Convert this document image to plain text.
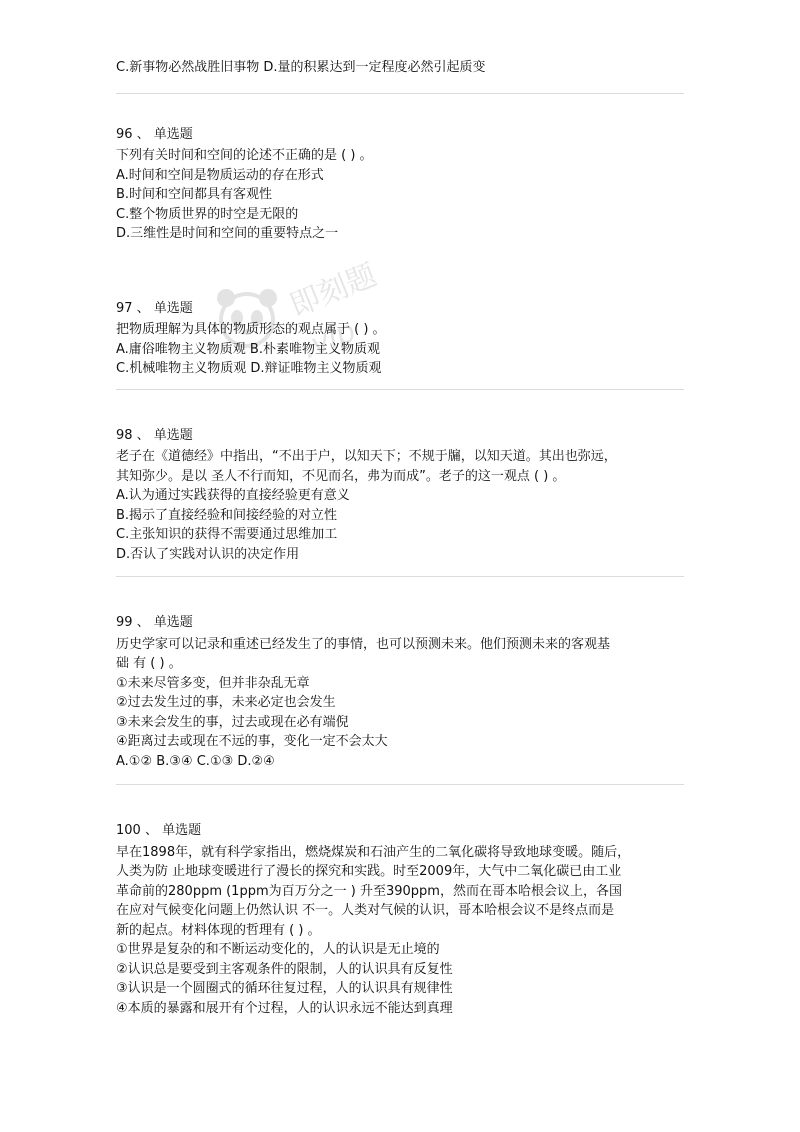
即刻题
.vip
C.新事物必然战胜旧事物 D.量的积累达到一定程度必然引起质变
96 、 单选题
下列有关时间和空间的论述不正确的是 ( ) 。
A.时间和空间是物质运动的存在形式
B.时间和空间都具有客观性
C.整个物质世界的时空是无限的
D.三维性是时间和空间的重要特点之一
97 、 单选题
把物质理解为具体的物质形态的观点属于 ( ) 。
A.庸俗唯物主义物质观 B.朴素唯物主义物质观
C.机械唯物主义物质观 D.辩证唯物主义物质观
98 、 单选题
老子在《道德经》中指出，“不出于户，以知天下；不规于牖，以知天道。其出也弥远，
其知弥少。是以 圣人不行而知，不见而名，弗为而成”。老子的这一观点 ( ) 。
A.认为通过实践获得的直接经验更有意义
B.揭示了直接经验和间接经验的对立性
C.主张知识的获得不需要通过思维加工
D.否认了实践对认识的决定作用
99 、 单选题
历史学家可以记录和重述已经发生了的事情，也可以预测未来。他们预测未来的客观基
础 有 ( ) 。
①未来尽管多变，但并非杂乱无章
②过去发生过的事，未来必定也会发生
③未来会发生的事，过去或现在必有端倪
④距离过去或现在不远的事，变化一定不会太大
A.①② B.③④ C.①③ D.②④
100 、 单选题
早在1898年，就有科学家指出，燃烧煤炭和石油产生的二氧化碳将导致地球变暖。随后，
人类为防 止地球变暖进行了漫长的探究和实践。时至2009年，大气中二氧化碳已由工业
革命前的280ppm (1ppm为百万分之一 ) 升至390ppm，然而在哥本哈根会议上，各国
在应对气候变化问题上仍然认识 不一。人类对气候的认识，哥本哈根会议不是终点而是
新的起点。材料体现的哲理有 ( ) 。
①世界是复杂的和不断运动变化的，人的认识是无止境的
②认识总是要受到主客观条件的限制，人的认识具有反复性
③认识是一个圆圈式的循环往复过程，人的认识具有规律性
④本质的暴露和展开有个过程，人的认识永远不能达到真理
